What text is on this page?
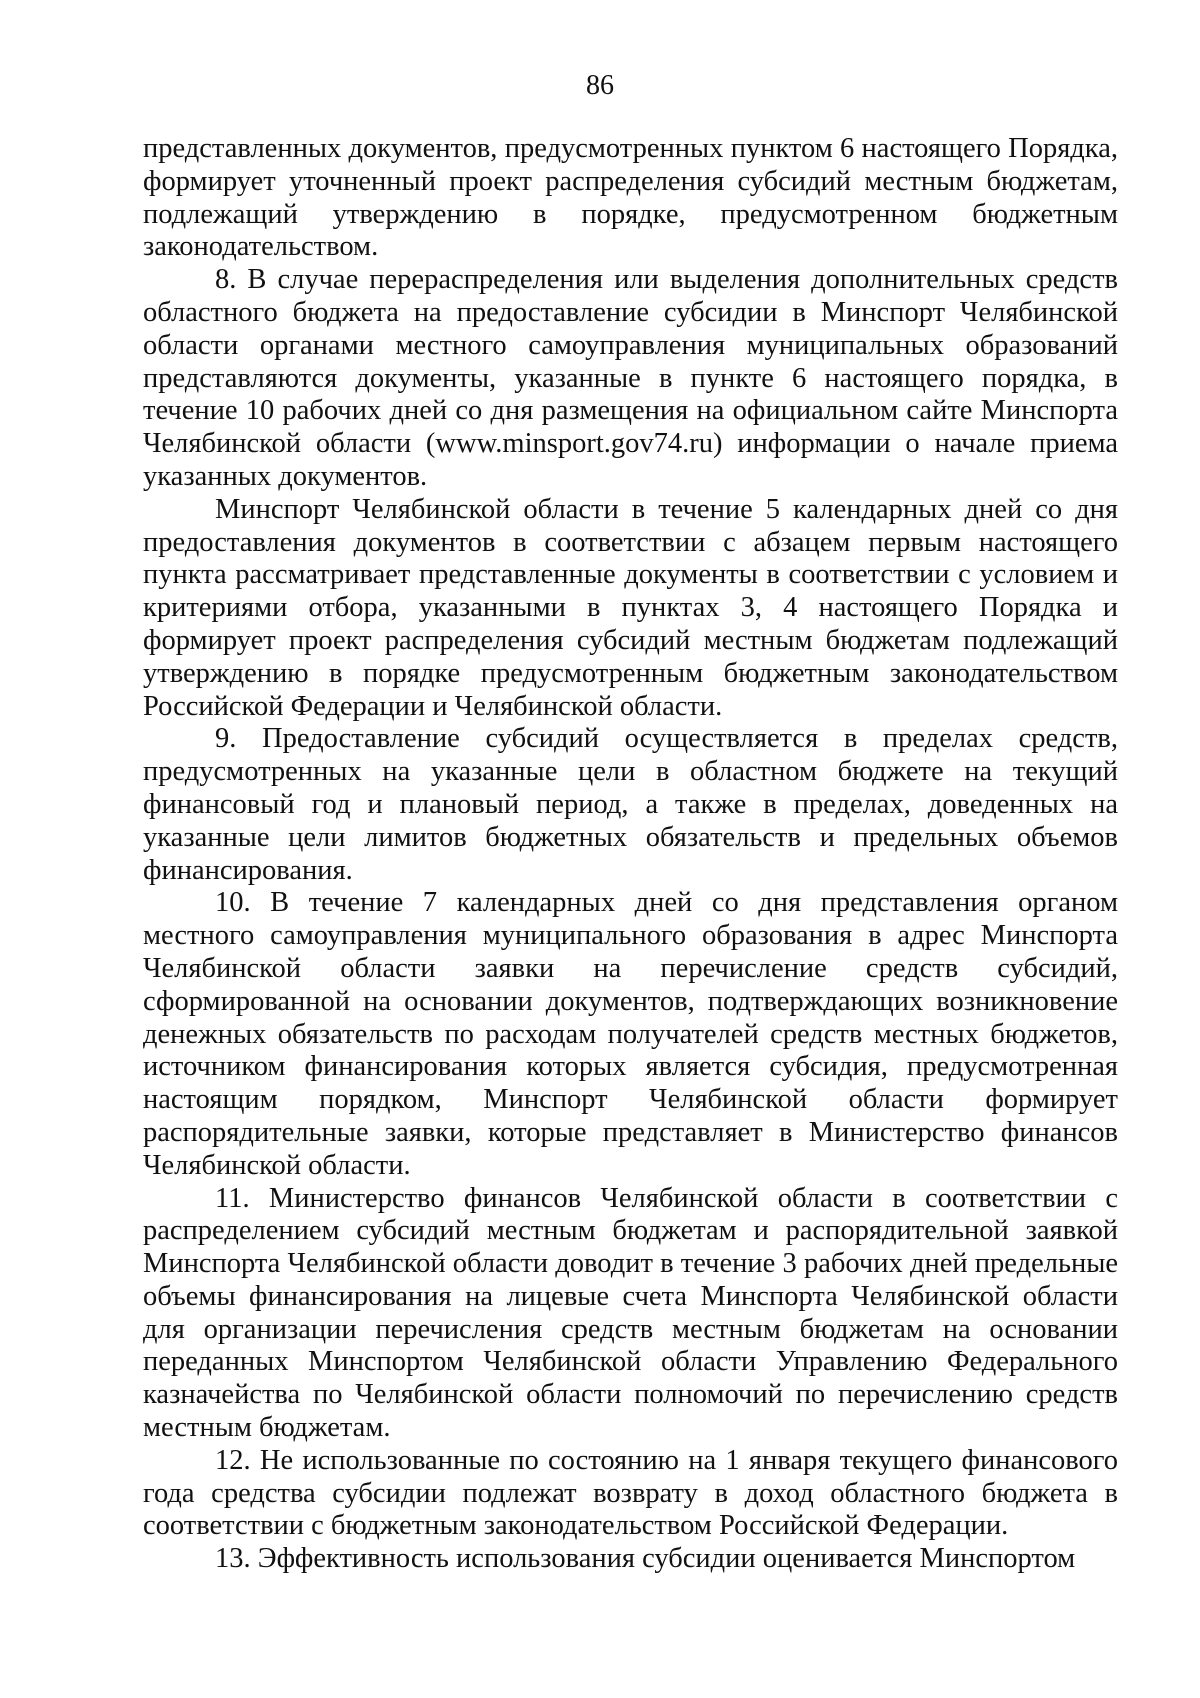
86

представленных документов, предусмотренных пунктом 6 настоящего Порядка, формирует уточненный проект распределения субсидий местным бюджетам, подлежащий утверждению в порядке, предусмотренном бюджетным законодательством.

8. В случае перераспределения или выделения дополнительных средств областного бюджета на предоставление субсидии в Минспорт Челябинской области органами местного самоуправления муниципальных образований представляются документы, указанные в пункте 6 настоящего порядка, в течение 10 рабочих дней со дня размещения на официальном сайте Минспорта Челябинской области (www.minsport.gov74.ru) информации о начале приема указанных документов.

Минспорт Челябинской области в течение 5 календарных дней со дня предоставления документов в соответствии с абзацем первым настоящего пункта рассматривает представленные документы в соответствии с условием и критериями отбора, указанными в пунктах 3, 4 настоящего Порядка и формирует проект распределения субсидий местным бюджетам подлежащий утверждению в порядке предусмотренным бюджетным законодательством Российской Федерации и Челябинской области.

9. Предоставление субсидий осуществляется в пределах средств, предусмотренных на указанные цели в областном бюджете на текущий финансовый год и плановый период, а также в пределах, доведенных на указанные цели лимитов бюджетных обязательств и предельных объемов финансирования.

10. В течение 7 календарных дней со дня представления органом местного самоуправления муниципального образования в адрес Минспорта Челябинской области заявки на перечисление средств субсидий, сформированной на основании документов, подтверждающих возникновение денежных обязательств по расходам получателей средств местных бюджетов, источником финансирования которых является субсидия, предусмотренная настоящим порядком, Минспорт Челябинской области формирует распорядительные заявки, которые представляет в Министерство финансов Челябинской области.

11. Министерство финансов Челябинской области в соответствии с распределением субсидий местным бюджетам и распорядительной заявкой Минспорта Челябинской области доводит в течение 3 рабочих дней предельные объемы финансирования на лицевые счета Минспорта Челябинской области для организации перечисления средств местным бюджетам на основании переданных Минспортом Челябинской области Управлению Федерального казначейства по Челябинской области полномочий по перечислению средств местным бюджетам.

12. Не использованные по состоянию на 1 января текущего финансового года средства субсидии подлежат возврату в доход областного бюджета в соответствии с бюджетным законодательством Российской Федерации.

13. Эффективность использования субсидии оценивается Минспортом
